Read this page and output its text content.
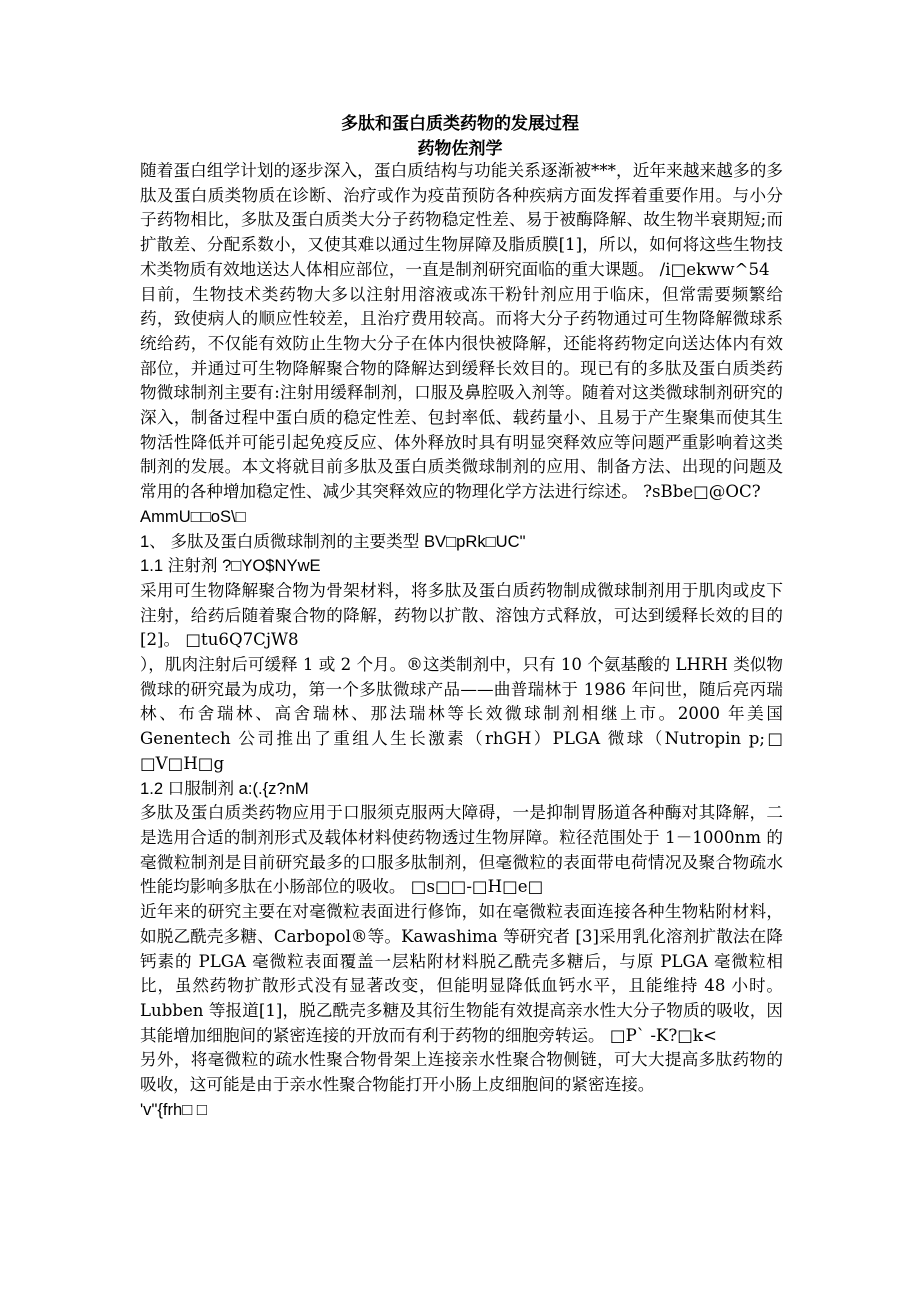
多肽和蛋白质类药物的发展过程
药物佐剂学

随着蛋白组学计划的逐步深入，蛋白质结构与功能关系逐渐被***，近年来越来越多的多肽及蛋白质类物质在诊断、治疗或作为疫苗预防各种疾病方面发挥着重要作用。与小分子药物相比，多肽及蛋白质类大分子药物稳定性差、易于被酶降解、故生物半衰期短;而扩散差、分配系数小，又使其难以通过生物屏障及脂质膜[1]，所以，如何将这些生物技术类物质有效地送达人体相应部位，一直是制剂研究面临的重大课题。 /i□ekww^54

目前，生物技术类药物大多以注射用溶液或冻干粉针剂应用于临床，但常需要频繁给药，致使病人的顺应性较差，且治疗费用较高。而将大分子药物通过可生物降解微球系统给药，不仅能有效防止生物大分子在体内很快被降解，还能将药物定向送达体内有效部位，并通过可生物降解聚合物的降解达到缓释长效目的。现已有的多肽及蛋白质类药物微球制剂主要有:注射用缓释制剂，口服及鼻腔吸入剂等。随着对这类微球制剂研究的深入，制备过程中蛋白质的稳定性差、包封率低、载药量小、且易于产生聚集而使其生物活性降低并可能引起免疫反应、体外释放时具有明显突释效应等问题严重影响着这类制剂的发展。本文将就目前多肽及蛋白质类微球制剂的应用、制备方法、出现的问题及常用的各种增加稳定性、减少其突释效应的物理化学方法进行综述。 ?sBbe□@OC?

AmmU□□oS\□

1、 多肽及蛋白质微球制剂的主要类型 BV□pRk□UC"

1.1 注射剂 ?□YO$NYwE

采用可生物降解聚合物为骨架材料，将多肽及蛋白质药物制成微球制剂用于肌肉或皮下注射，给药后随着聚合物的降解，药物以扩散、溶蚀方式释放，可达到缓释长效的目的[2]。 □tu6Q7CjW8

），肌肉注射后可缓释 1 或 2 个月。®这类制剂中，只有 10 个氨基酸的 LHRH 类似物微球的研究最为成功，第一个多肽微球产品——曲普瑞林于 1986 年问世，随后亮丙瑞林、布舍瑞林、高舍瑞林、那法瑞林等长效微球制剂相继上市。2000 年美国 Genentech 公司推出了重组人生长激素（rhGH）PLGA 微球（Nutropin p;□ □V□H□g

1.2 口服制剂 a:(.{z?nM

多肽及蛋白质类药物应用于口服须克服两大障碍，一是抑制胃肠道各种酶对其降解，二是选用合适的制剂形式及载体材料使药物透过生物屏障。粒径范围处于 1－1000nm 的毫微粒制剂是目前研究最多的口服多肽制剂，但毫微粒的表面带电荷情况及聚合物疏水性能均影响多肽在小肠部位的吸收。 □s□□-□H□e□

近年来的研究主要在对毫微粒表面进行修饰，如在毫微粒表面连接各种生物粘附材料，如脱乙酰壳多糖、Carbopol®等。Kawashima 等研究者 [3]采用乳化溶剂扩散法在降钙素的 PLGA 毫微粒表面覆盖一层粘附材料脱乙酰壳多糖后，与原 PLGA 毫微粒相比，虽然药物扩散形式没有显著改变，但能明显降低血钙水平，且能维持 48 小时。Lubben 等报道[1]，脱乙酰壳多糖及其衍生物能有效提高亲水性大分子物质的吸收，因其能增加细胞间的紧密连接的开放而有利于药物的细胞旁转运。 □P` -K?□k<

另外，将毫微粒的疏水性聚合物骨架上连接亲水性聚合物侧链，可大大提高多肽药物的吸收，这可能是由于亲水性聚合物能打开小肠上皮细胞间的紧密连接。

'v"{frh□ □
